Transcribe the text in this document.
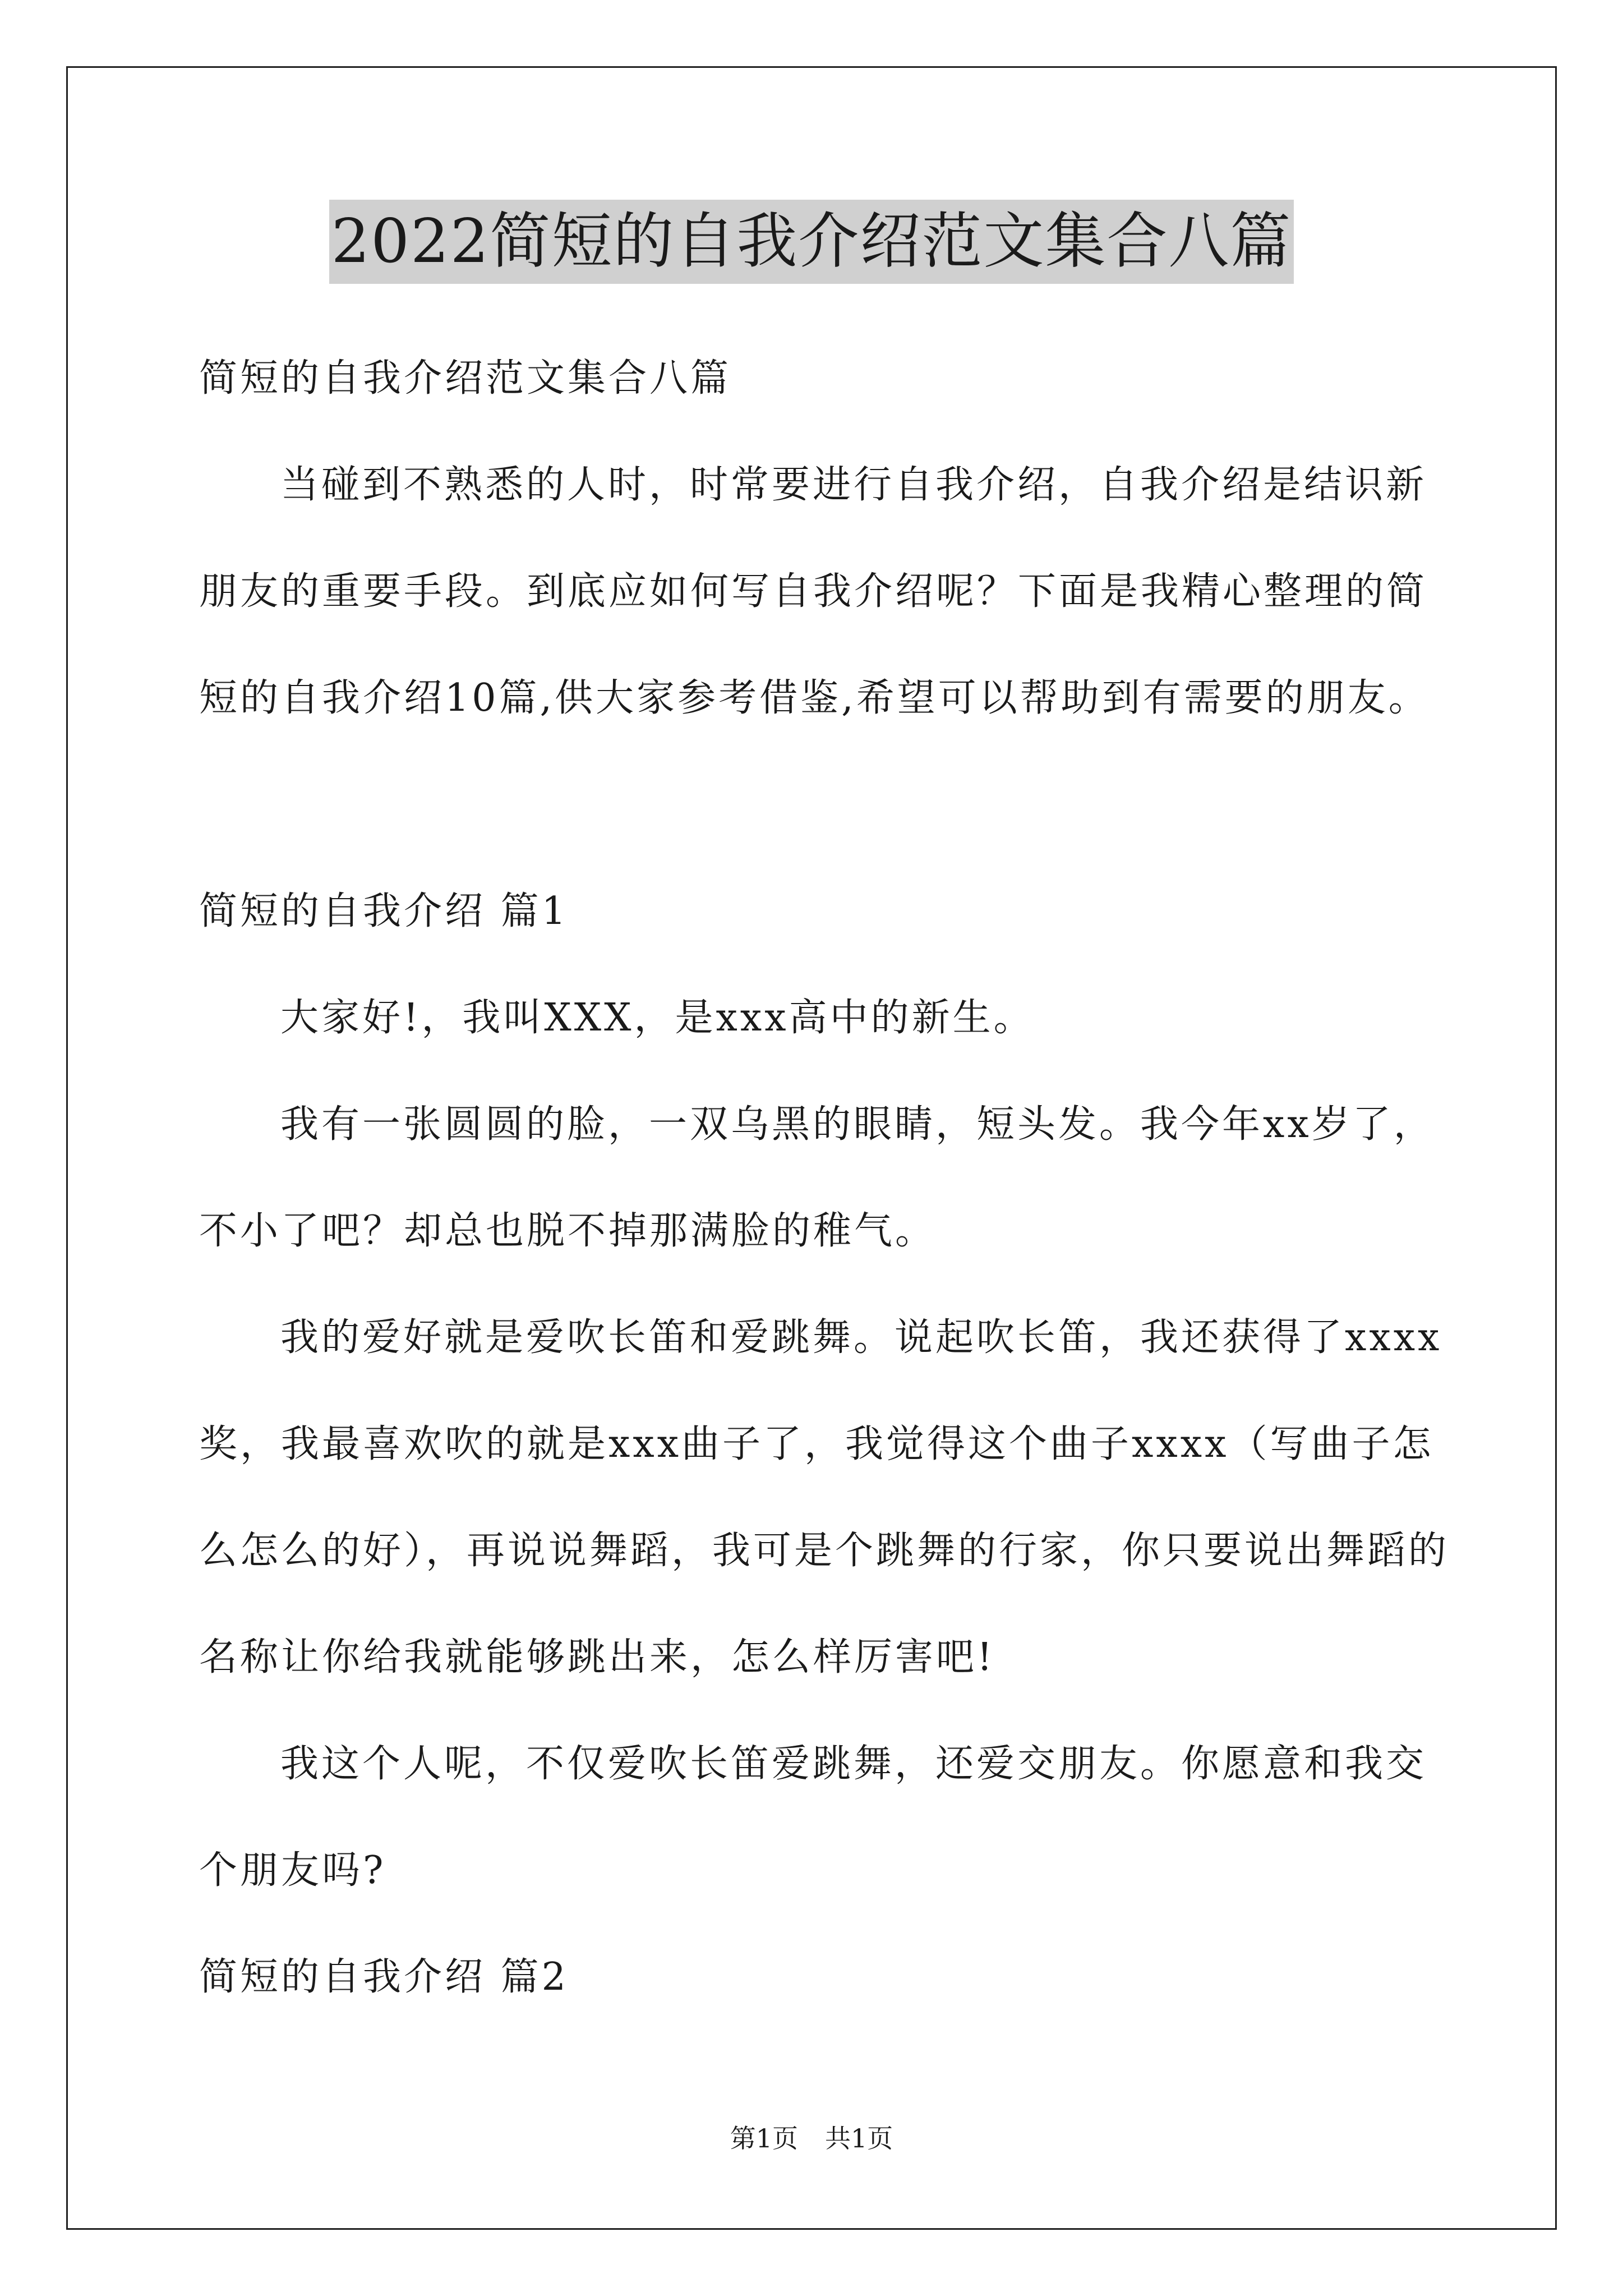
2022简短的自我介绍范文集合八篇
简短的自我介绍范文集合八篇
当碰到不熟悉的人时，时常要进行自我介绍，自我介绍是结识新
朋友的重要手段。到底应如何写自我介绍呢？下面是我精心整理的简
短的自我介绍10篇,供大家参考借鉴,希望可以帮助到有需要的朋友。
简短的自我介绍 篇1
大家好!，我叫XXX，是xxx高中的新生。
我有一张圆圆的脸，一双乌黑的眼睛，短头发。我今年xx岁了，
不小了吧？却总也脱不掉那满脸的稚气。
我的爱好就是爱吹长笛和爱跳舞。说起吹长笛，我还获得了xxxx
奖，我最喜欢吹的就是xxx曲子了，我觉得这个曲子xxxx（写曲子怎
么怎么的好），再说说舞蹈，我可是个跳舞的行家，你只要说出舞蹈的
名称让你给我就能够跳出来，怎么样厉害吧!
我这个人呢，不仅爱吹长笛爱跳舞，还爱交朋友。你愿意和我交
个朋友吗?
简短的自我介绍 篇2
第1页 共1页
